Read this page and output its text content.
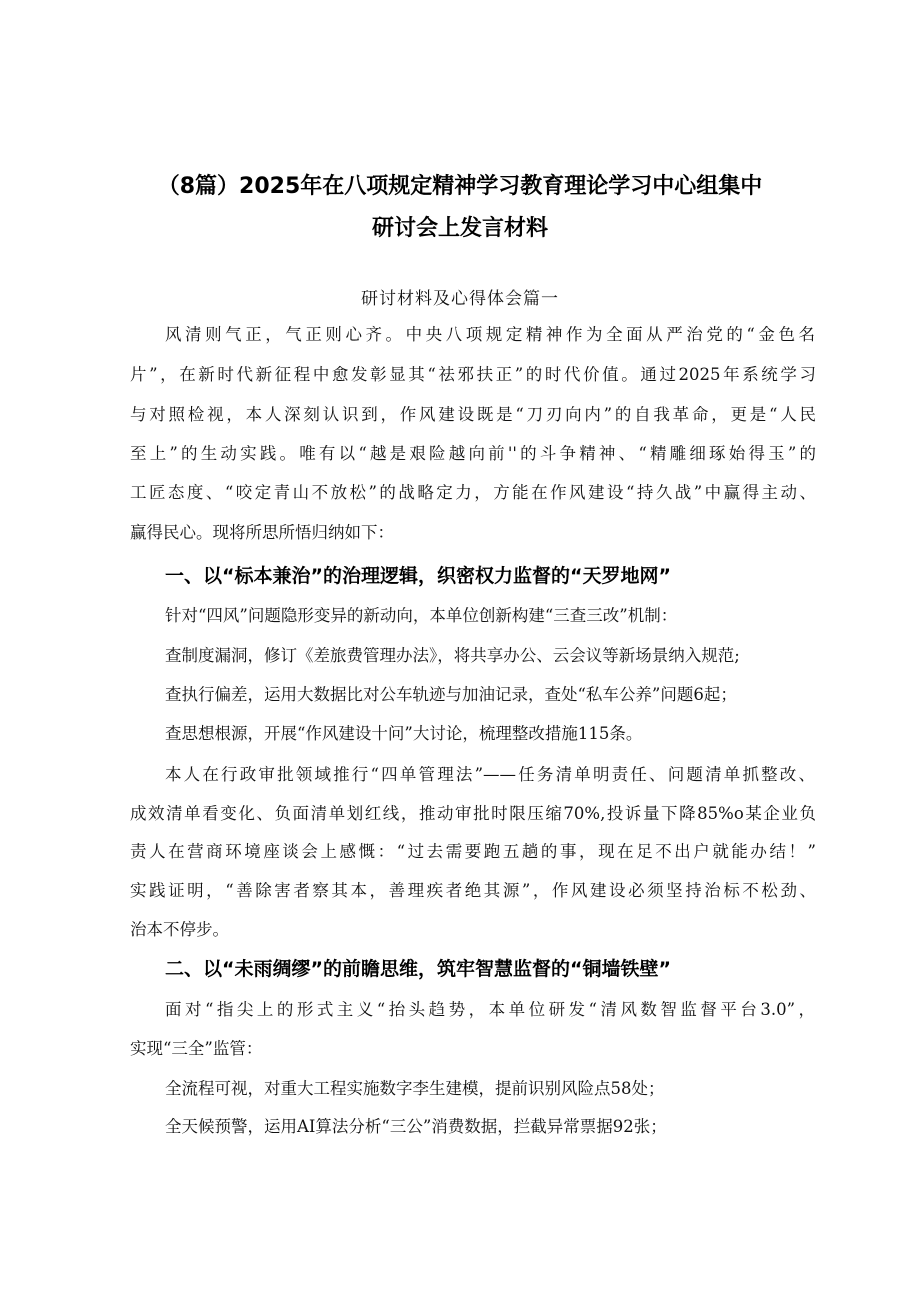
（8篇）2025年在八项规定精神学习教育理论学习中心组集中
研讨会上发言材料
研讨材料及心得体会篇一
风清则气正，气正则心齐。中央八项规定精神作为全面从严治党的“金色名
片”，在新时代新征程中愈发彰显其“祛邪扶正”的时代价值。通过2025年系统学习
与对照检视，本人深刻认识到，作风建设既是“刀刃向内”的自我革命，更是“人民
至上”的生动实践。唯有以“越是艰险越向前''的斗争精神、“精雕细琢始得玉”的
工匠态度、“咬定青山不放松”的战略定力，方能在作风建设“持久战”中赢得主动、
赢得民心。现将所思所悟归纳如下：
一、以“标本兼治”的治理逻辑，织密权力监督的“天罗地网”
针对“四风”问题隐形变异的新动向，本单位创新构建“三查三改”机制：
查制度漏洞，修订《差旅费管理办法》，将共享办公、云会议等新场景纳入规范;
查执行偏差，运用大数据比对公车轨迹与加油记录，查处“私车公养”问题6起；
查思想根源，开展“作风建设十问”大讨论，梳理整改措施115条。
本人在行政审批领域推行“四单管理法”——任务清单明责任、问题清单抓整改、
成效清单看变化、负面清单划红线，推动审批时限压缩70%,投诉量下降85%o某企业负
责人在营商环境座谈会上感慨：“过去需要跑五趟的事，现在足不出户就能办结！”
实践证明，“善除害者察其本，善理疾者绝其源”，作风建设必须坚持治标不松劲、
治本不停步。
二、以“未雨绸缪”的前瞻思维，筑牢智慧监督的“铜墙铁壁”
面对“指尖上的形式主义“抬头趋势，本单位研发“清风数智监督平台3.0”，
实现“三全”监管：
全流程可视，对重大工程实施数字李生建模，提前识别风险点58处；
全天候预警，运用AI算法分析“三公”消费数据，拦截异常票据92张；
